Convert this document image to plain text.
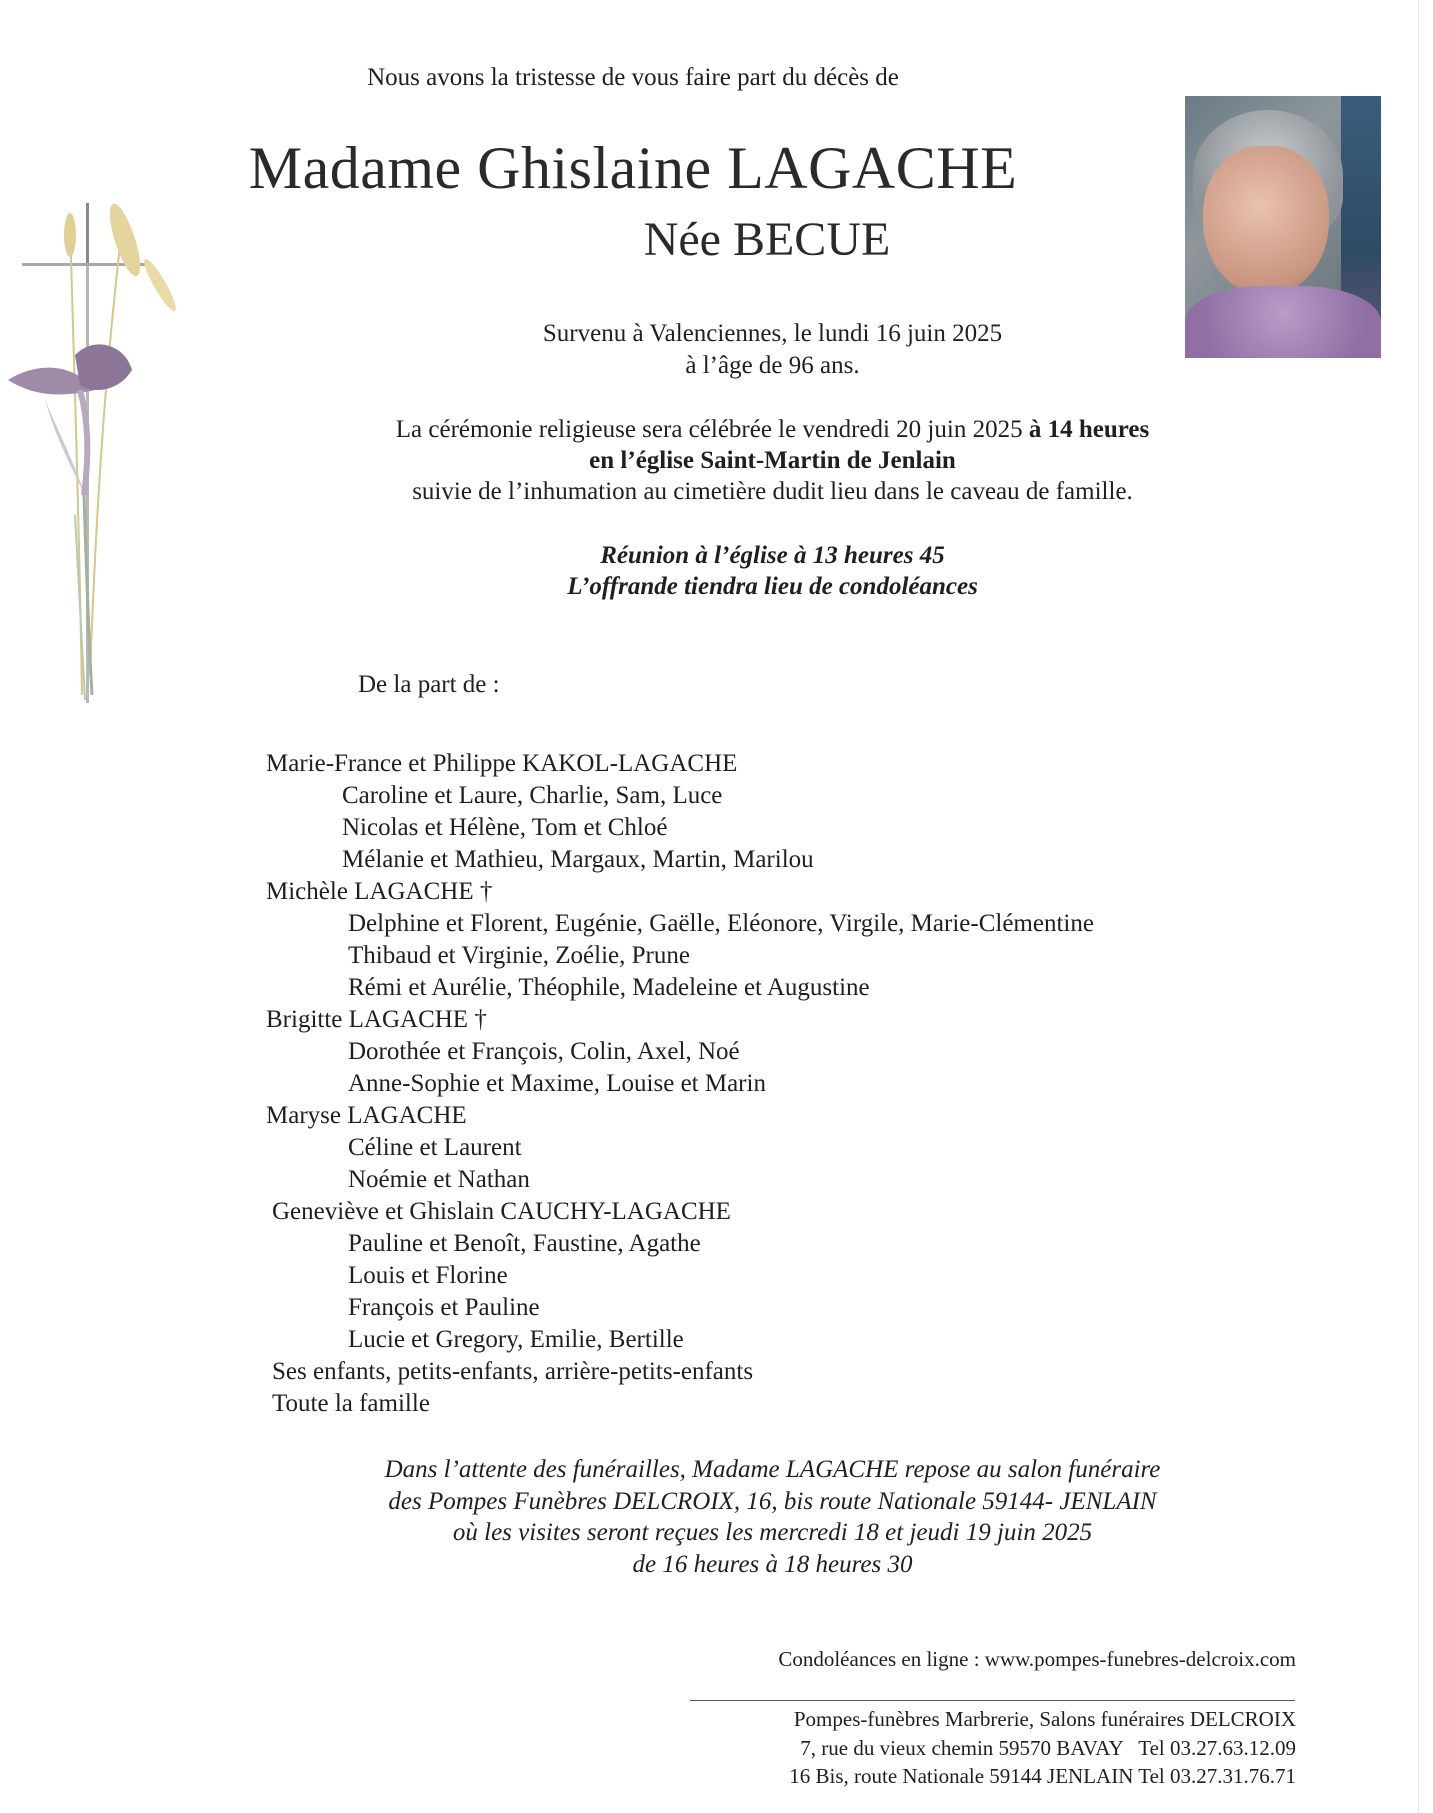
Nous avons la tristesse de vous faire part du décès de
Madame Ghislaine LAGACHE
Née BECUE
Survenu à Valenciennes, le lundi 16 juin 2025
à l’âge de 96 ans.
La cérémonie religieuse sera célébrée le vendredi 20 juin 2025 à 14 heures
en l’église Saint-Martin de Jenlain
suivie de l’inhumation au cimetière dudit lieu dans le caveau de famille.
Réunion à l’église à 13 heures 45
L’offrande tiendra lieu de condoléances
De la part de :
Marie-France et Philippe KAKOL-LAGACHE
Caroline et Laure, Charlie, Sam, Luce
Nicolas et Hélène, Tom et Chloé
Mélanie et Mathieu, Margaux, Martin, Marilou
Michèle LAGACHE †
Delphine et Florent, Eugénie, Gaëlle, Eléonore, Virgile, Marie-Clémentine
Thibaud et Virginie, Zoélie, Prune
Rémi et Aurélie, Théophile, Madeleine et Augustine
Brigitte LAGACHE †
Dorothée et François, Colin, Axel, Noé
Anne-Sophie et Maxime, Louise et Marin
Maryse LAGACHE
Céline et Laurent
Noémie et Nathan
Geneviève et Ghislain CAUCHY-LAGACHE
Pauline et Benoît, Faustine, Agathe
Louis et Florine
François et Pauline
Lucie et Gregory, Emilie, Bertille
Ses enfants, petits-enfants, arrière-petits-enfants
Toute la famille
Dans l’attente des funérailles, Madame LAGACHE repose au salon funéraire
des Pompes Funèbres DELCROIX, 16, bis route Nationale 59144- JENLAIN
où les visites seront reçues les mercredi 18 et jeudi 19 juin 2025
de 16 heures à 18 heures 30
Condoléances en ligne : www.pompes-funebres-delcroix.com
Pompes-funèbres Marbrerie, Salons funéraires DELCROIX
7, rue du vieux chemin 59570 BAVAY   Tel 03.27.63.12.09
16 Bis, route Nationale 59144 JENLAIN Tel 03.27.31.76.71
